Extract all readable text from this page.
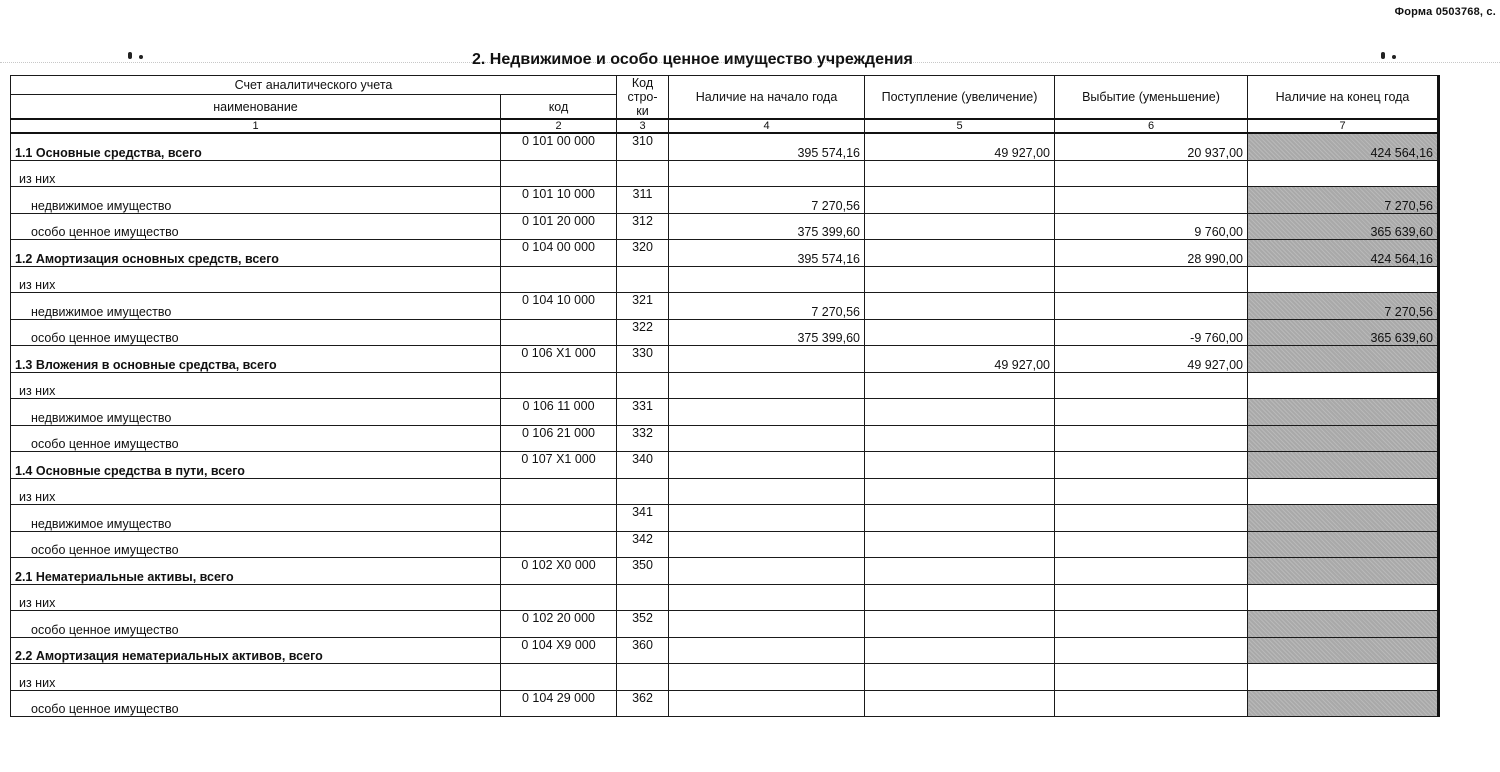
Форма 0503768, с.
2. Недвижимое и особо ценное имущество учреждения
Счет аналитического учета		Код стро- ки	Наличие на начало года	Поступление (увеличение)	Выбытие (уменьшение)	Наличие на конец года
наименование	код					
1	2	3	4	5	6	7
1.1 Основные средства, всего	0 101 00 000	310	395 574,16	49 927,00	20 937,00	424 564,16
из них						
недвижимое имущество	0 101 10 000	311	7 270,56			7 270,56
особо ценное имущество	0 101 20 000	312	375 399,60		9 760,00	365 639,60
1.2 Амортизация основных средств, всего	0 104 00 000	320	395 574,16		28 990,00	424 564,16
из них						
недвижимое имущество	0 104 10 000	321	7 270,56			7 270,56
особо ценное имущество		322	375 399,60		-9 760,00	365 639,60
1.3 Вложения в основные средства, всего	0 106 Х1 000	330		49 927,00	49 927,00	
из них						
недвижимое имущество	0 106 11 000	331				
особо ценное имущество	0 106 21 000	332				
1.4 Основные средства в пути, всего	0 107 Х1 000	340				
из них						
недвижимое имущество		341				
особо ценное имущество		342				
2.1 Нематериальные активы, всего	0 102 Х0 000	350				
из них						
особо ценное имущество	0 102 20 000	352				
2.2 Амортизация нематериальных активов, всего	0 104 Х9 000	360				
из них						
особо ценное имущество	0 104 29 000	362				
